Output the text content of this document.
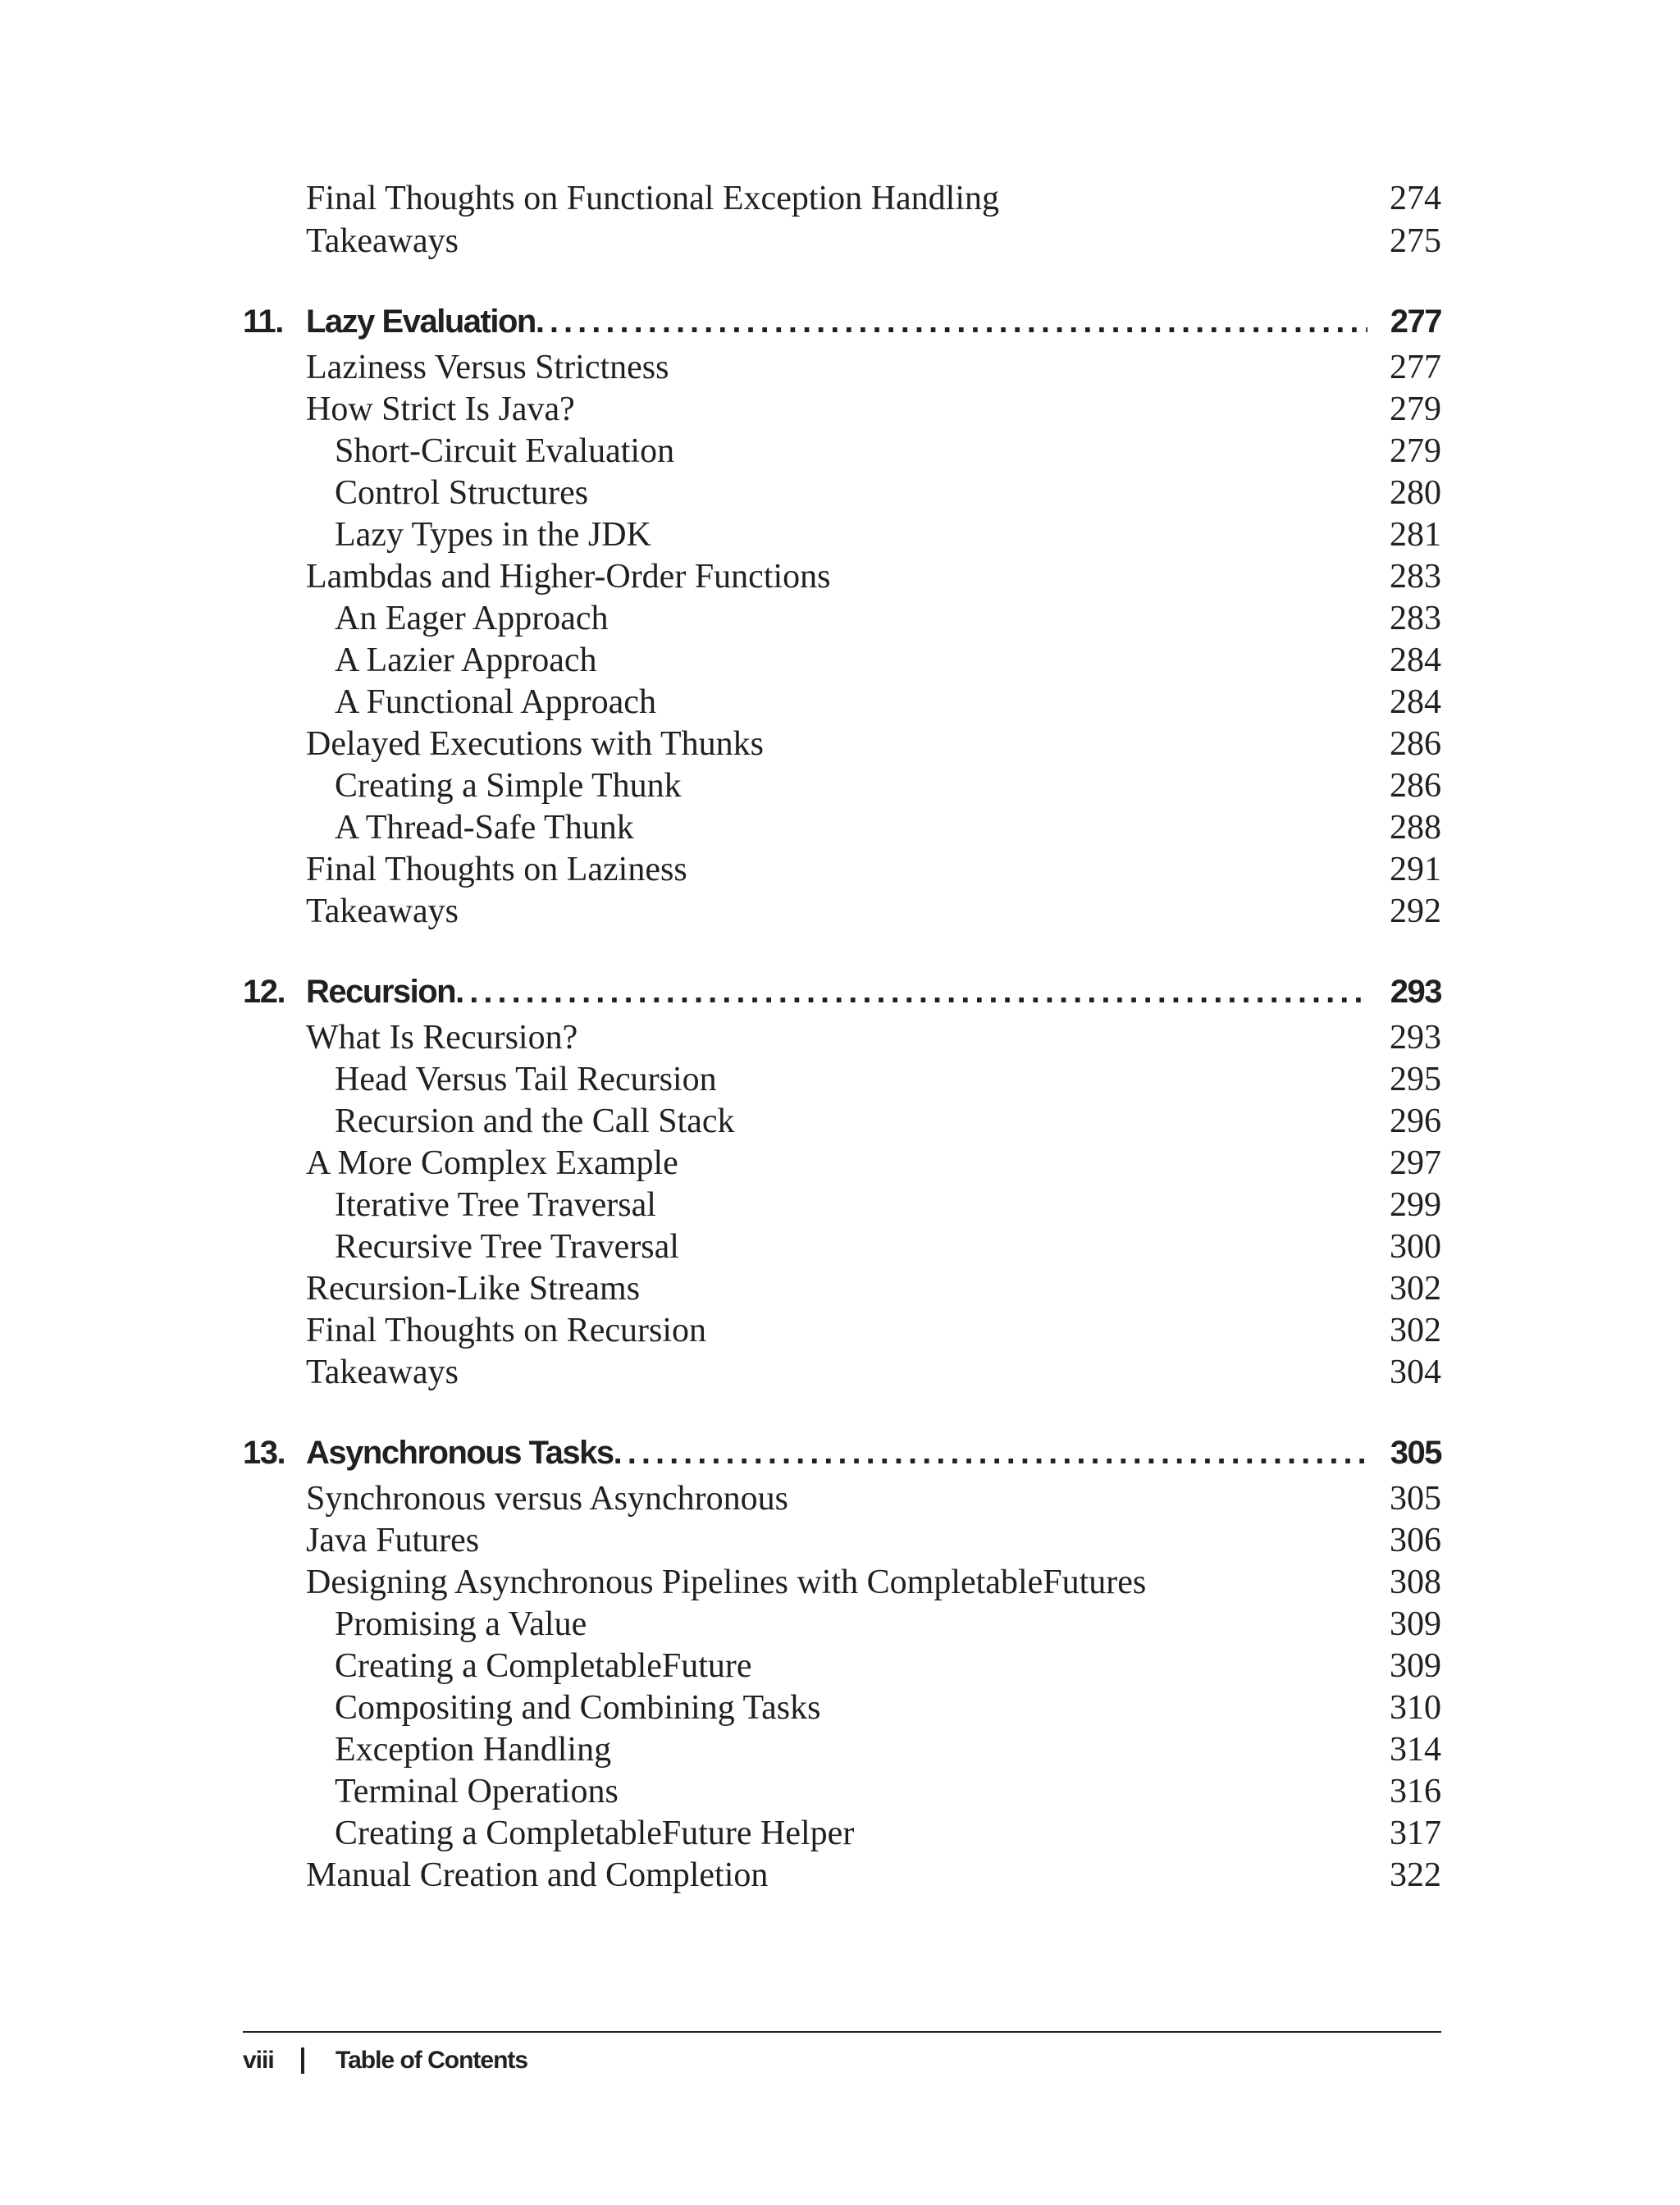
Final Thoughts on Functional Exception Handling	274
Takeaways	275
11. Lazy Evaluation .....	277
Laziness Versus Strictness	277
How Strict Is Java?	279
Short-Circuit Evaluation	279
Control Structures	280
Lazy Types in the JDK	281
Lambdas and Higher-Order Functions	283
An Eager Approach	283
A Lazier Approach	284
A Functional Approach	284
Delayed Executions with Thunks	286
Creating a Simple Thunk	286
A Thread-Safe Thunk	288
Final Thoughts on Laziness	291
Takeaways	292
12. Recursion .....	293
What Is Recursion?	293
Head Versus Tail Recursion	295
Recursion and the Call Stack	296
A More Complex Example	297
Iterative Tree Traversal	299
Recursive Tree Traversal	300
Recursion-Like Streams	302
Final Thoughts on Recursion	302
Takeaways	304
13. Asynchronous Tasks .....	305
Synchronous versus Asynchronous	305
Java Futures	306
Designing Asynchronous Pipelines with CompletableFutures	308
Promising a Value	309
Creating a CompletableFuture	309
Compositing and Combining Tasks	310
Exception Handling	314
Terminal Operations	316
Creating a CompletableFuture Helper	317
Manual Creation and Completion	322
viii	Table of Contents
